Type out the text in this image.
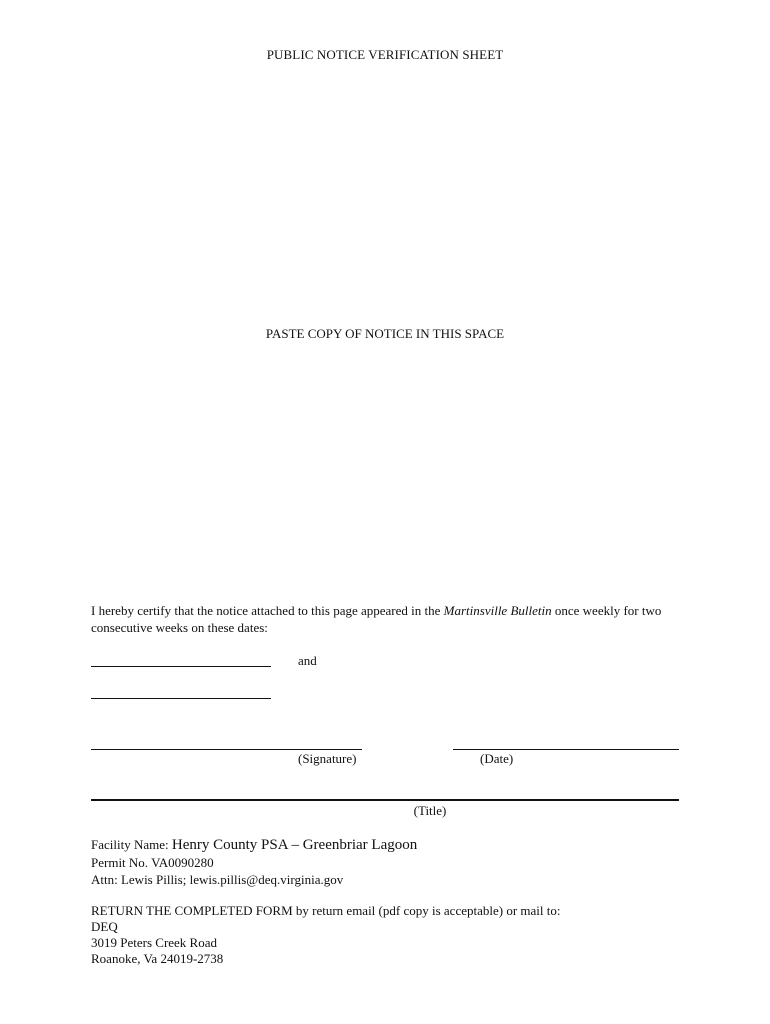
PUBLIC NOTICE VERIFICATION SHEET
PASTE COPY OF NOTICE IN THIS SPACE
I hereby certify that the notice attached to this page appeared in the Martinsville Bulletin once weekly for two consecutive weeks on these dates:
and
(Signature)	(Date)
(Title)
Facility Name: Henry County PSA – Greenbriar Lagoon
Permit No. VA0090280
Attn: Lewis Pillis; lewis.pillis@deq.virginia.gov
RETURN THE COMPLETED FORM by return email (pdf copy is acceptable) or mail to:
DEQ
3019 Peters Creek Road
Roanoke, Va 24019-2738
